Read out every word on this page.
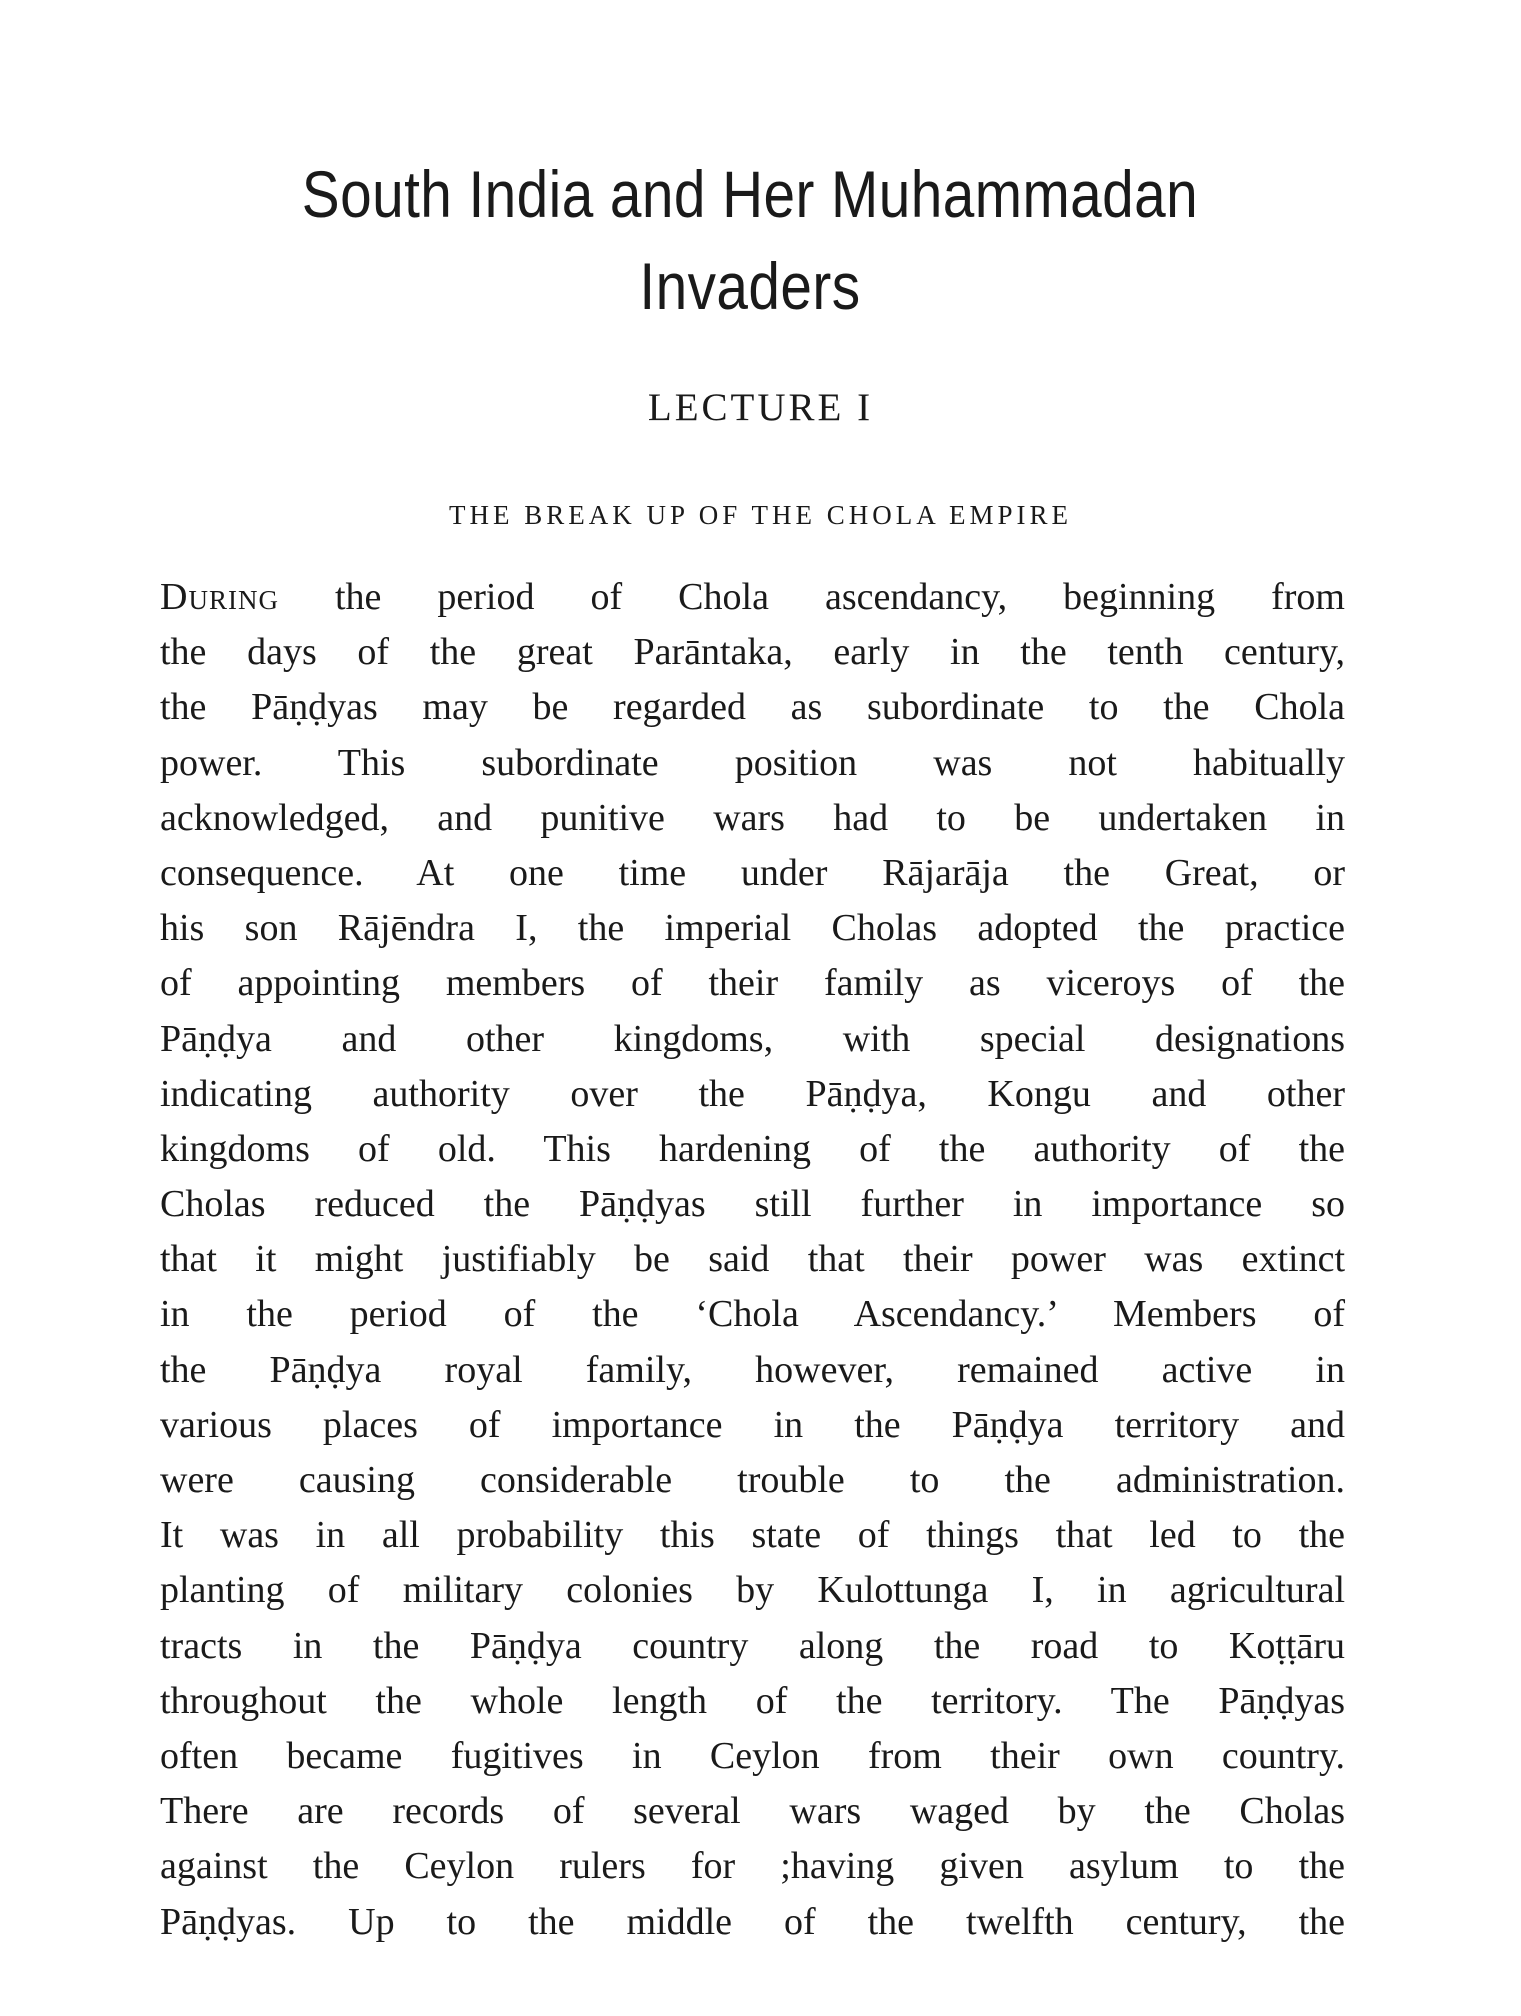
South India and Her Muhammadan
Invaders
LECTURE I
THE BREAK UP OF THE CHOLA EMPIRE
During the period of Chola ascendancy, beginning from
the days of the great Parāntaka, early in the tenth century,
the Pāṇḍyas may be regarded as subordinate to the Chola
power. This subordinate position was not habitually
acknowledged, and punitive wars had to be undertaken in
consequence. At one time under Rājarāja the Great, or
his son Rājēndra I, the imperial Cholas adopted the practice
of appointing members of their family as viceroys of the
Pāṇḍya and other kingdoms, with special designations
indicating authority over the Pāṇḍya, Kongu and other
kingdoms of old. This hardening of the authority of the
Cholas reduced the Pāṇḍyas still further in importance so
that it might justifiably be said that their power was extinct
in the period of the ‘Chola Ascendancy.’ Members of
the Pāṇḍya royal family, however, remained active in
various places of importance in the Pāṇḍya territory and
were causing considerable trouble to the administration.
It was in all probability this state of things that led to the
planting of military colonies by Kulottunga I, in agricultural
tracts in the Pāṇḍya country along the road to Koṭṭāru
throughout the whole length of the territory. The Pāṇḍyas
often became fugitives in Ceylon from their own country.
There are records of several wars waged by the Cholas
against the Ceylon rulers for ;having given asylum to the
Pāṇḍyas. Up to the middle of the twelfth century, the
